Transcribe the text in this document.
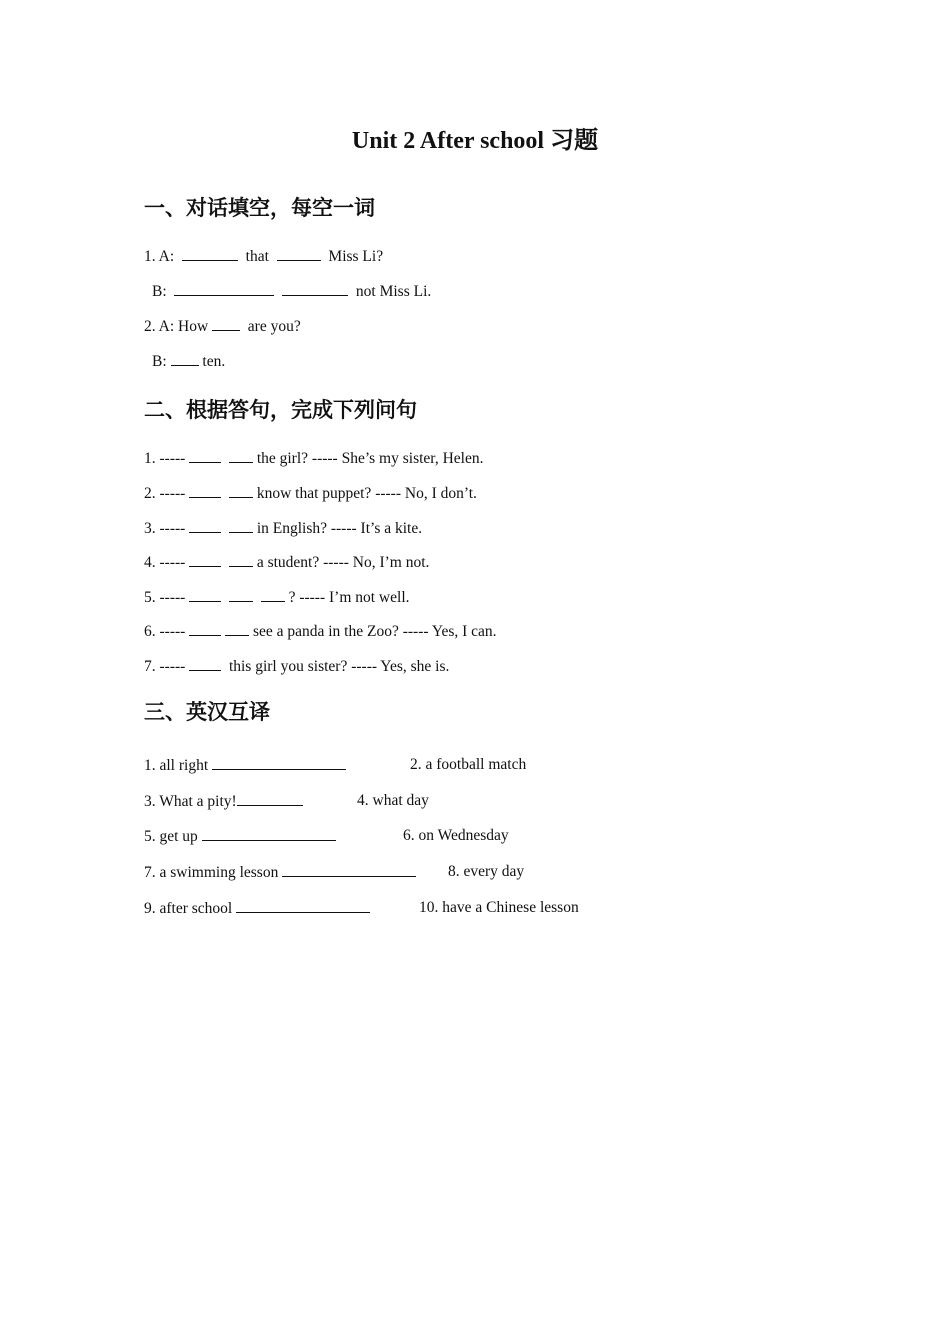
Unit 2 After school 习题
一、对话填空，每空一词
1. A:	that	Miss Li?
B:	not Miss Li.
2. A: How	are you?
B: ten.
二、根据答句，完成下列问句
1. -----	the girl? ----- She’s my sister, Helen.
2. -----	know that puppet? ----- No, I don’t.
3. -----	in English? ----- It’s a kite.
4. -----	a student? ----- No, I’m not.
5. -----	? ----- I’m not well.
6. -----	see a panda in the Zoo? ----- Yes, I can.
7. -----	this girl you sister? ----- Yes, she is.
三、英汉互译
1. all right	2. a football match
3. What a pity!	4. what day
5. get up	6. on Wednesday
7. a swimming lesson	8. every day
9. after school	10. have a Chinese lesson
